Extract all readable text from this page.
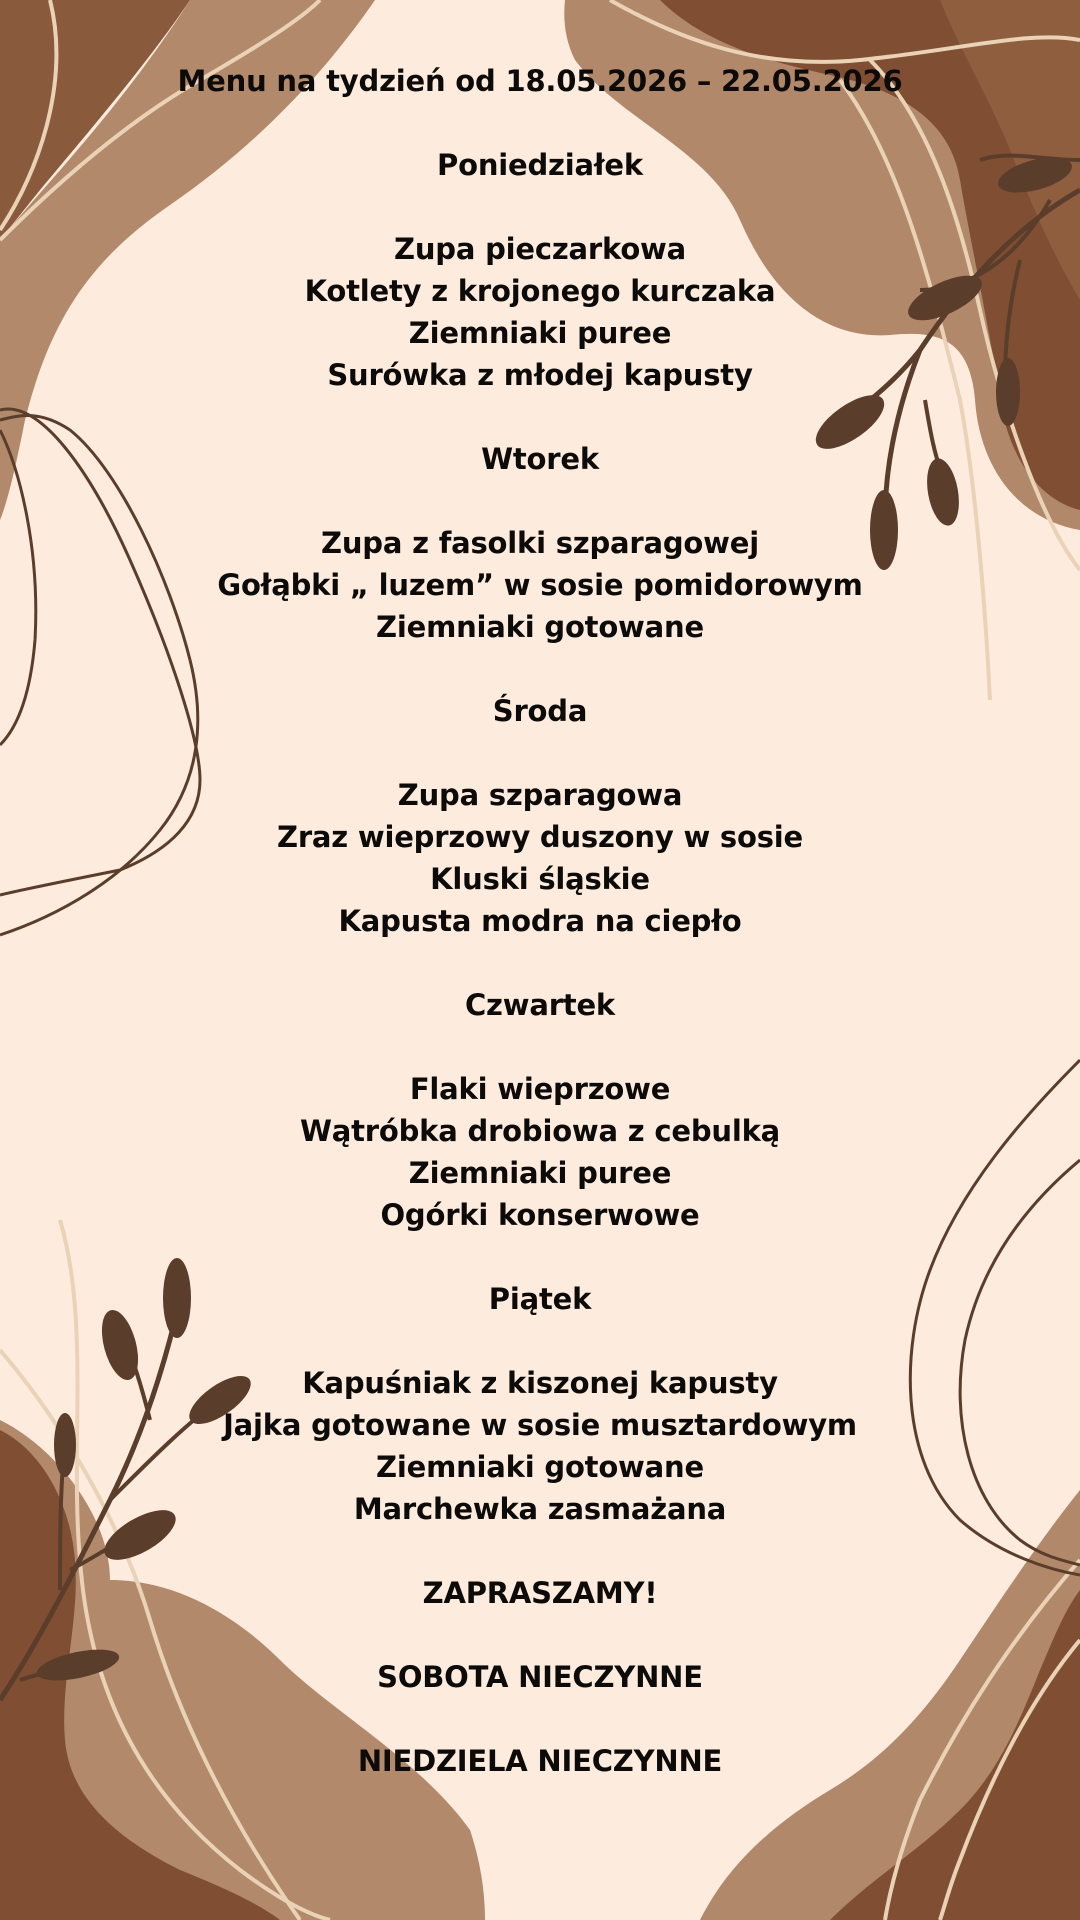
Menu na tydzień od 18.05.2026 – 22.05.2026
Poniedziałek
Zupa pieczarkowa
Kotlety z krojonego kurczaka
Ziemniaki puree
Surówka z młodej kapusty
Wtorek
Zupa z fasolki szparagowej
Gołąbki „ luzem” w sosie pomidorowym
Ziemniaki gotowane
Środa
Zupa szparagowa
Zraz wieprzowy duszony w sosie
Kluski śląskie
Kapusta modra na ciepło
Czwartek
Flaki wieprzowe
Wątróbka drobiowa z cebulką
Ziemniaki puree
Ogórki konserwowe
Piątek
Kapuśniak z kiszonej kapusty
Jajka gotowane w sosie musztardowym
Ziemniaki gotowane
Marchewka zasmażana
ZAPRASZAMY!
SOBOTA NIECZYNNE
NIEDZIELA NIECZYNNE
